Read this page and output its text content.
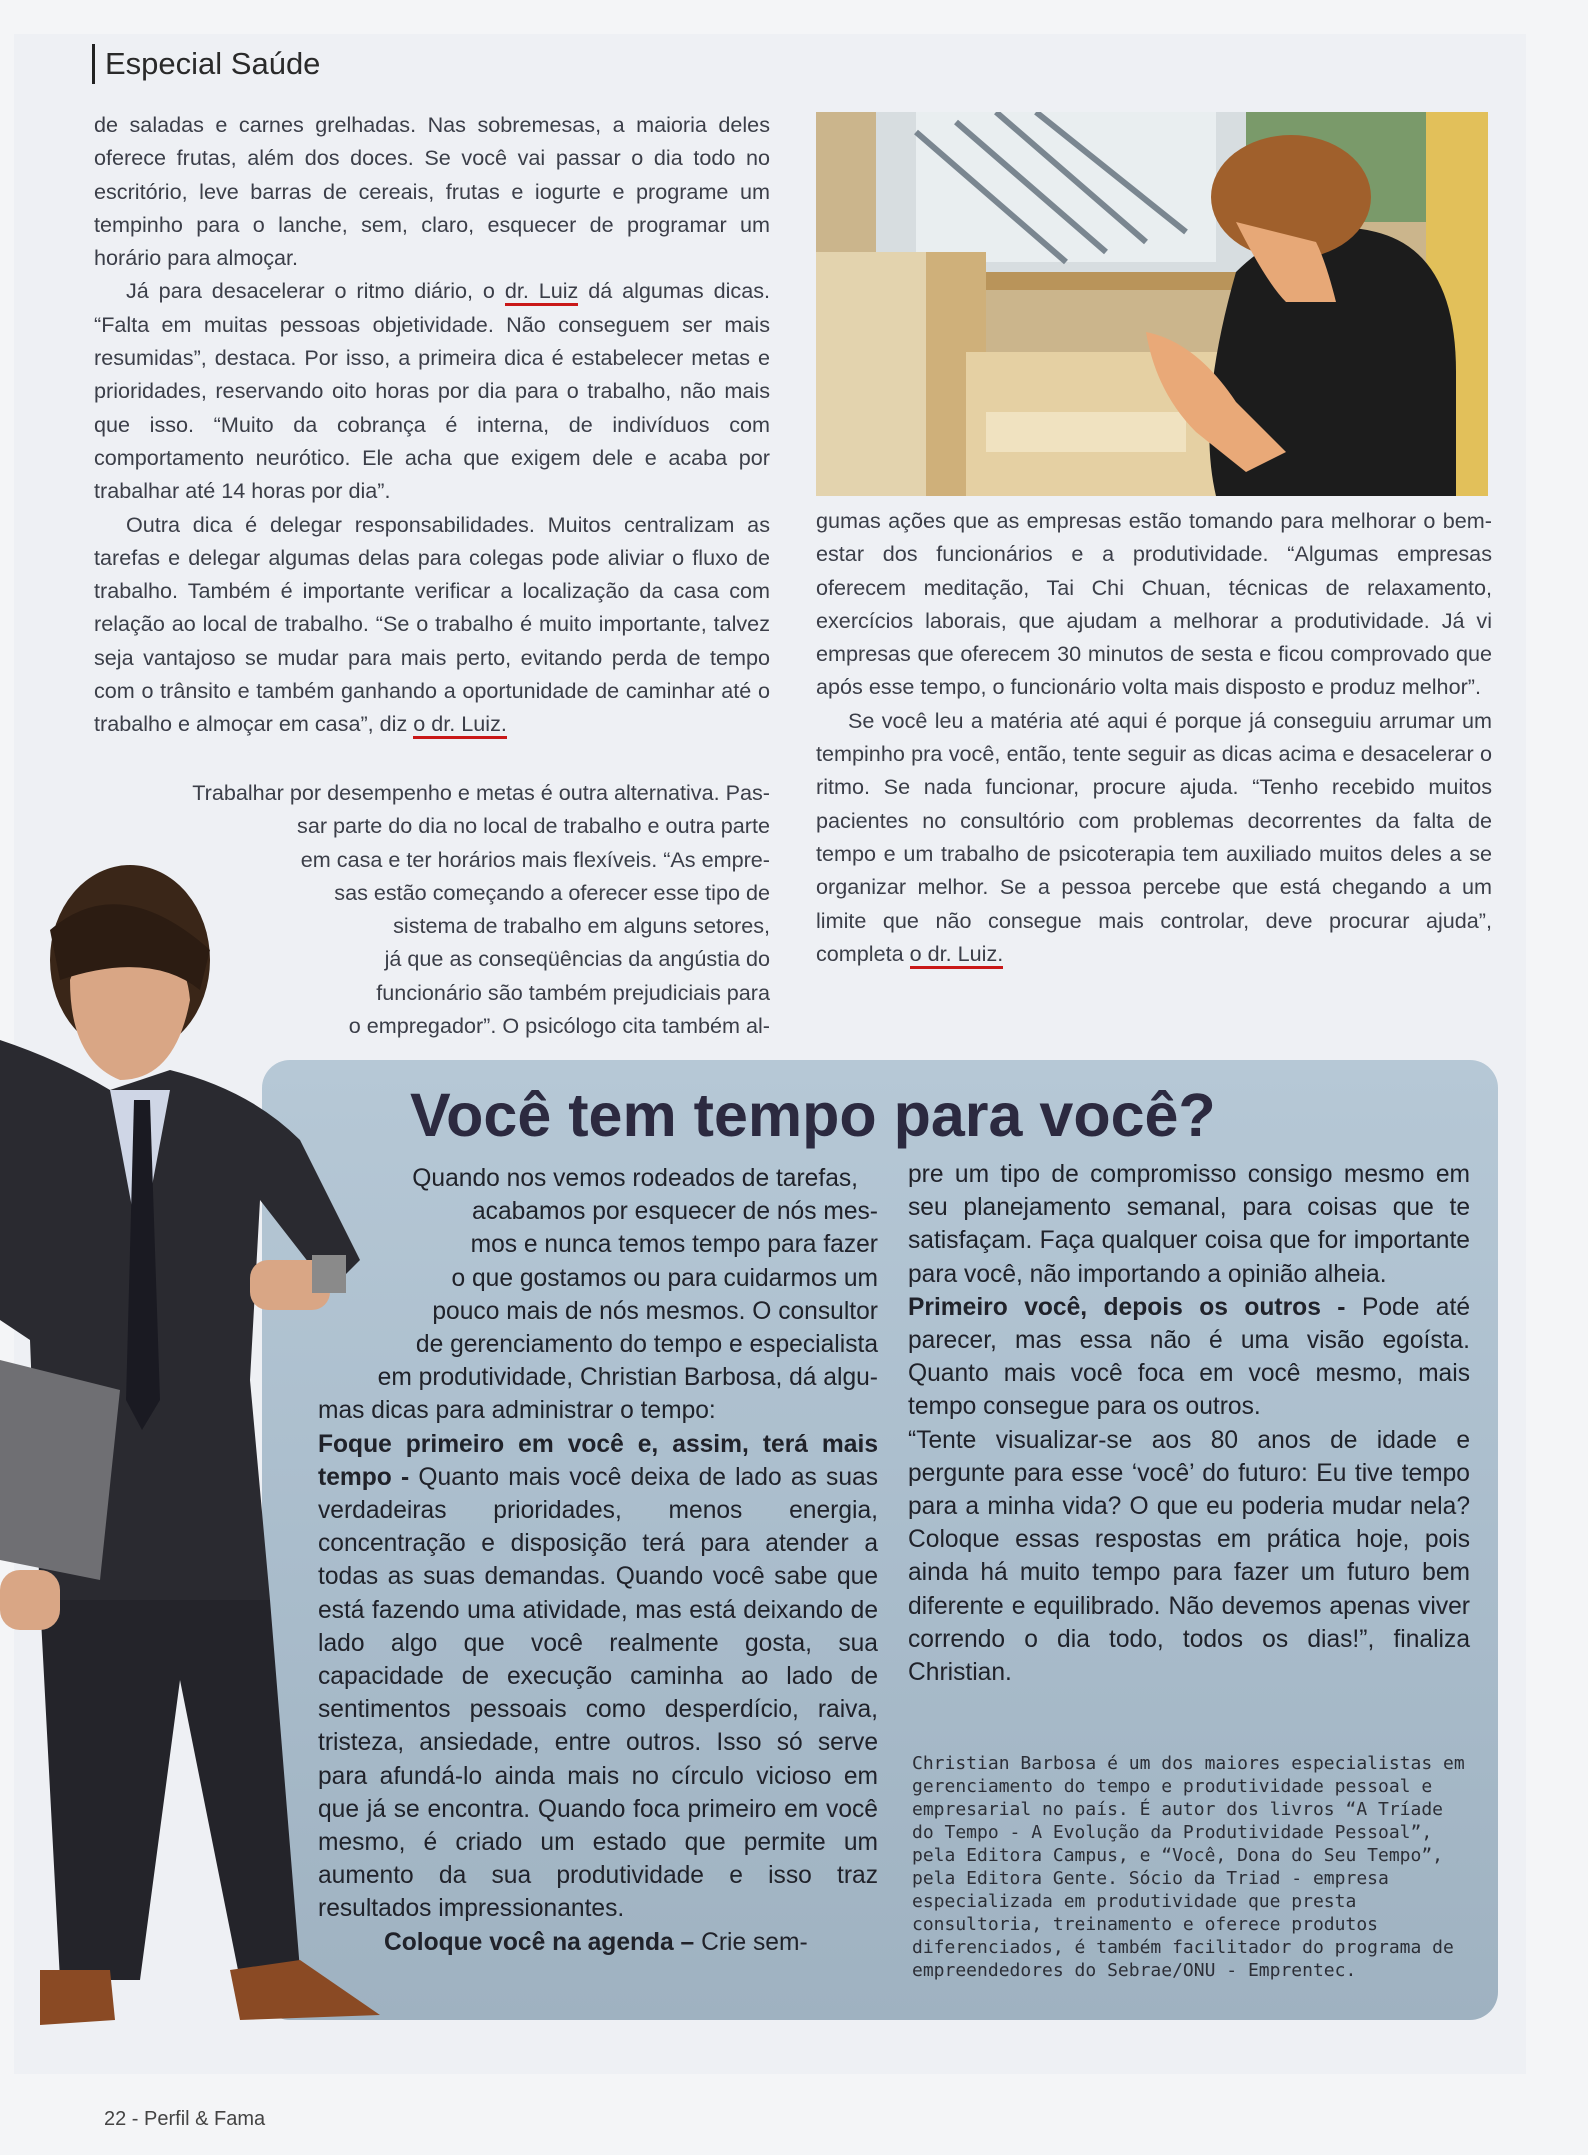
Especial Saúde

de saladas e carnes grelhadas. Nas sobremesas, a maioria deles oferece frutas, além dos doces. Se você vai passar o dia todo no escritório, leve barras de cereais, frutas e iogurte e programe um tempinho para o lanche, sem, claro, esquecer de programar um horário para almoçar.

Já para desacelerar o ritmo diário, o dr. Luiz dá algumas dicas. “Falta em muitas pessoas objetividade. Não conseguem ser mais resumidas”, destaca. Por isso, a primeira dica é estabelecer metas e prioridades, reservando oito horas por dia para o trabalho, não mais que isso. “Muito da cobrança é interna, de indivíduos com comportamento neurótico. Ele acha que exigem dele e acaba por trabalhar até 14 horas por dia”.

Outra dica é delegar responsabilidades. Muitos centralizam as tarefas e delegar algumas delas para colegas pode aliviar o fluxo de trabalho. Também é importante verificar a localização da casa com relação ao local de trabalho. “Se o trabalho é muito importante, talvez seja vantajoso se mudar para mais perto, evitando perda de tempo com o trânsito e também ganhando a oportunidade de caminhar até o trabalho e almoçar em casa”, diz o dr. Luiz.

Trabalhar por desempenho e metas é outra alternativa. Pas-

sar parte do dia no local de trabalho e outra parte

em casa e ter horários mais flexíveis. “As empre-

sas estão começando a oferecer esse tipo de

sistema de trabalho em alguns setores,

já que as conseqüências da angústia do

funcionário são também prejudiciais para

o empregador”. O psicólogo cita também al-

gumas ações que as empresas estão tomando para melhorar o bem-estar dos funcionários e a produtividade. “Algumas empresas oferecem meditação, Tai Chi Chuan, técnicas de relaxamento, exercícios laborais, que ajudam a melhorar a produtividade. Já vi empresas que oferecem 30 minutos de sesta e ficou comprovado que após esse tempo, o funcionário volta mais disposto e produz melhor”.

Se você leu a matéria até aqui é porque já conseguiu arrumar um tempinho pra você, então, tente seguir as dicas acima e desacelerar o ritmo. Se nada funcionar, procure ajuda. “Tenho recebido muitos pacientes no consultório com problemas decorrentes da falta de tempo e um trabalho de psicoterapia tem auxiliado muitos deles a se organizar melhor. Se a pessoa percebe que está chegando a um limite que não consegue mais controlar, deve procurar ajuda”, completa o dr. Luiz.

Você tem tempo para você?

Quando nos vemos rodeados de tarefas,

acabamos por esquecer de nós mes-

mos e nunca temos tempo para fazer

o que gostamos ou para cuidarmos um

pouco mais de nós mesmos. O consultor

de gerenciamento do tempo e especialista

em produtividade, Christian Barbosa, dá algu-

mas dicas para administrar o tempo:

Foque primeiro em você e, assim, terá mais tempo - Quanto mais você deixa de lado as suas verdadeiras prioridades, menos energia, concentração e disposição terá para atender a todas as suas demandas. Quando você sabe que está fazendo uma atividade, mas está deixando de lado algo que você realmente gosta, sua capacidade de execução caminha ao lado de sentimentos pessoais como desperdício, raiva, tristeza, ansiedade, entre outros. Isso só serve para afundá-lo ainda mais no círculo vicioso em que já se encontra. Quando foca primeiro em você mesmo, é criado um estado que permite um aumento da sua produtividade e isso traz resultados impressionantes.

Coloque você na agenda – Crie sem-

pre um tipo de compromisso consigo mesmo em seu planejamento semanal, para coisas que te satisfaçam. Faça qualquer coisa que for importante para você, não importando a opinião alheia.

Primeiro você, depois os outros - Pode até parecer, mas essa não é uma visão egoísta. Quanto mais você foca em você mesmo, mais tempo consegue para os outros.

“Tente visualizar-se aos 80 anos de idade e pergunte para esse ‘você’ do futuro: Eu tive tempo para a minha vida? O que eu poderia mudar nela? Coloque essas respostas em prática hoje, pois ainda há muito tempo para fazer um futuro bem diferente e equilibrado. Não devemos apenas viver correndo o dia todo, todos os dias!”, finaliza Christian.

Christian Barbosa é um dos maiores especialistas em gerenciamento do tempo e produtividade pessoal e empresarial no país. É autor dos livros “A Tríade do Tempo - A Evolução da Produtividade Pessoal”, pela Editora Campus, e “Você, Dona do Seu Tempo”, pela Editora Gente. Sócio da Triad - empresa especializada em produtividade que presta consultoria, treinamento e oferece produtos diferenciados, é também facilitador do programa de empreendedores do Sebrae/ONU - Emprentec.
22 - Perfil & Fama
